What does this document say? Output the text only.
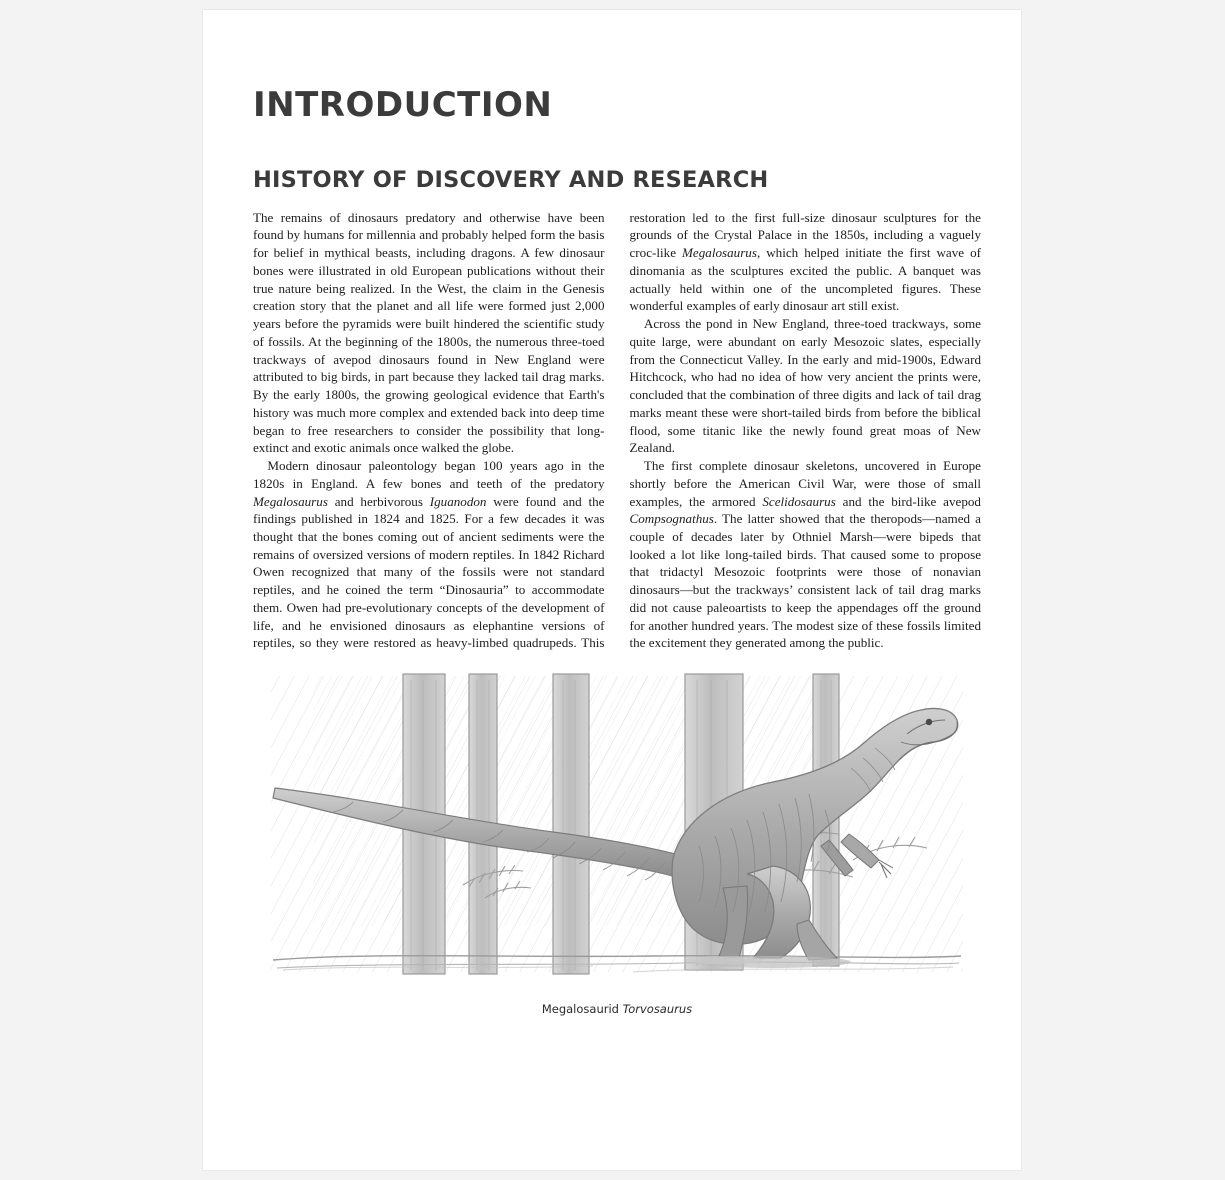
INTRODUCTION
HISTORY OF DISCOVERY AND RESEARCH

The remains of dinosaurs predatory and otherwise have been found by humans for millennia and probably helped form the basis for belief in mythical beasts, including dragons. A few dinosaur bones were illustrated in old European publications without their true nature being realized. In the West, the claim in the Genesis creation story that the planet and all life were formed just 2,000 years before the pyramids were built hindered the scientific study of fossils. At the beginning of the 1800s, the numerous three-toed trackways of avepod dinosaurs found in New England were attributed to big birds, in part because they lacked tail drag marks. By the early 1800s, the growing geological evidence that Earth's history was much more complex and extended back into deep time began to free researchers to consider the possibility that long-extinct and exotic animals once walked the globe.

Modern dinosaur paleontology began 100 years ago in the 1820s in England. A few bones and teeth of the predatory Megalosaurus and herbivorous Iguanodon were found and the findings published in 1824 and 1825. For a few decades it was thought that the bones coming out of ancient sediments were the remains of oversized versions of modern reptiles. In 1842 Richard Owen recognized that many of the fossils were not standard reptiles, and he coined the term “Dinosauria” to accommodate them. Owen had pre-evolutionary concepts of the development of life, and he envisioned dinosaurs as elephantine versions of reptiles, so they were restored as heavy-limbed quadrupeds. This restoration led to the first full-size dinosaur sculptures for the grounds of the Crystal Palace in the 1850s, including a vaguely croc-like Megalosaurus, which helped initiate the first wave of dinomania as the sculptures excited the public. A banquet was actually held within one of the uncompleted figures. These wonderful examples of early dinosaur art still exist.

Across the pond in New England, three-toed trackways, some quite large, were abundant on early Mesozoic slates, especially from the Connecticut Valley. In the early and mid-1900s, Edward Hitchcock, who had no idea of how very ancient the prints were, concluded that the combination of three digits and lack of tail drag marks meant these were short-tailed birds from before the biblical flood, some titanic like the newly found great moas of New Zealand.

The first complete dinosaur skeletons, uncovered in Europe shortly before the American Civil War, were those of small examples, the armored Scelidosaurus and the bird-like avepod Compsognathus. The latter showed that the theropods—named a couple of decades later by Othniel Marsh—were bipeds that looked a lot like long-tailed birds. That caused some to propose that tridactyl Mesozoic footprints were those of nonavian dinosaurs—but the trackways’ consistent lack of tail drag marks did not cause paleoartists to keep the appendages off the ground for another hundred years. The modest size of these fossils limited the excitement they generated among the public.

Megalosaurid Torvosaurus
